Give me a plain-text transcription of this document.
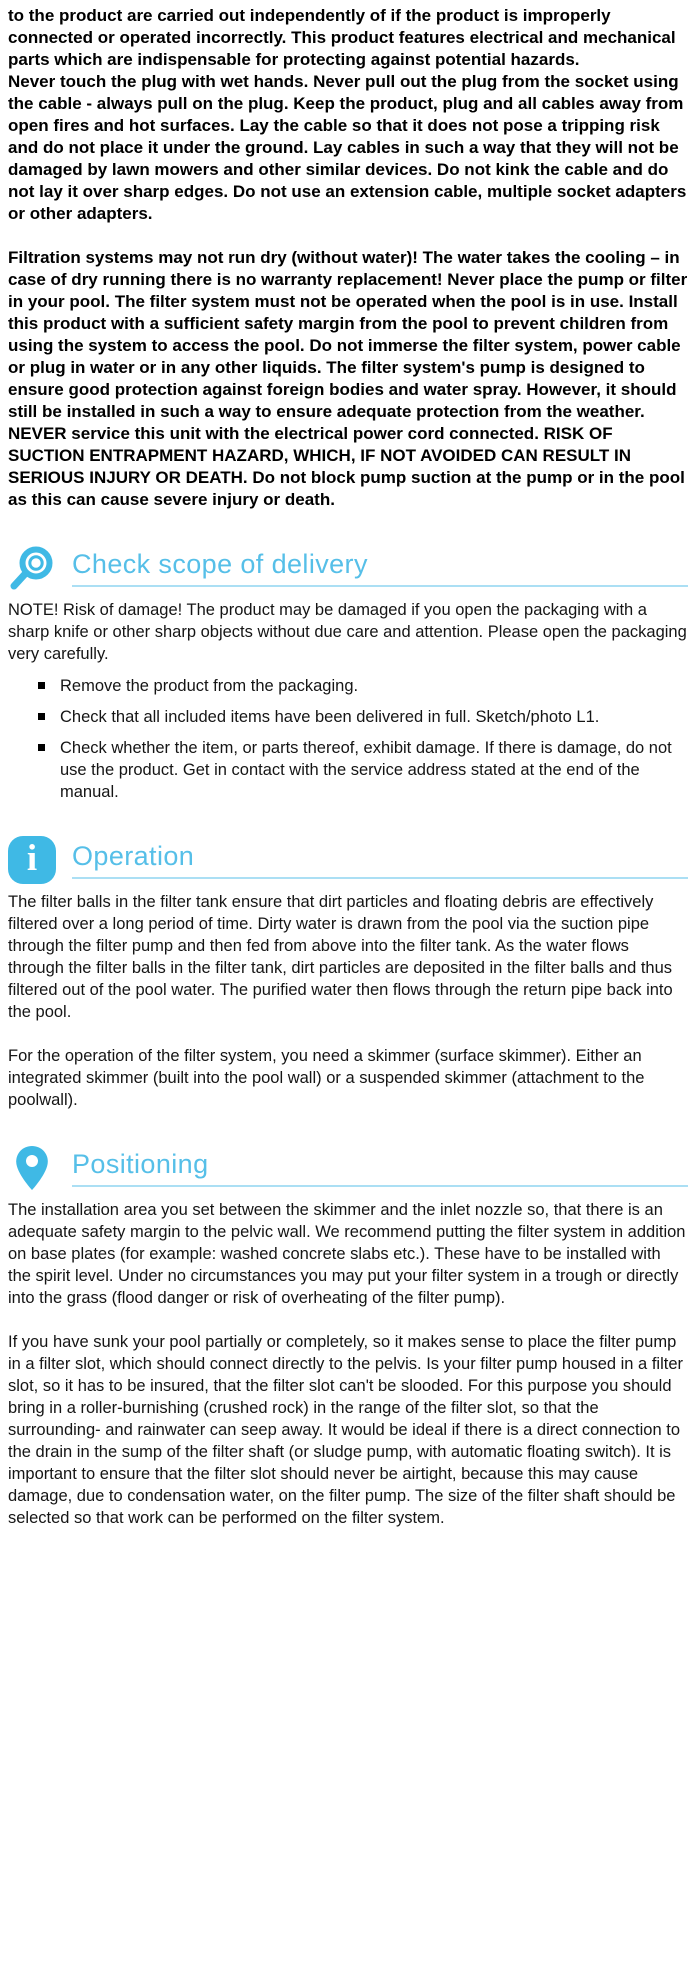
to the product are carried out independently of if the product is improperly connected or operated incorrectly. This product features electrical and mechanical parts which are indispensable for protecting against potential hazards.

Never touch the plug with wet hands. Never pull out the plug from the socket using the cable - always pull on the plug. Keep the product, plug and all cables away from open fires and hot surfaces. Lay the cable so that it does not pose a tripping risk and do not place it under the ground. Lay cables in such a way that they will not be damaged by lawn mowers and other similar devices. Do not kink the cable and do not lay it over sharp edges. Do not use an extension cable, multiple socket adapters or other adapters.

Filtration systems may not run dry (without water)! The water takes the cooling – in case of dry running there is no warranty replacement! Never place the pump or filter in your pool. The filter system must not be operated when the pool is in use. Install this product with a sufficient safety margin from the pool to prevent children from using the system to access the pool. Do not immerse the filter system, power cable or plug in water or in any other liquids. The filter system's pump is designed to ensure good protection against foreign bodies and water spray. However, it should still be installed in such a way to ensure adequate protection from the weather. NEVER service this unit with the electrical power cord connected. RISK OF SUCTION ENTRAPMENT HAZARD, WHICH, IF NOT AVOIDED CAN RESULT IN SERIOUS INJURY OR DEATH. Do not block pump suction at the pump or in the pool as this can cause severe injury or death.

Check scope of delivery

NOTE! Risk of damage! The product may be damaged if you open the packaging with a sharp knife or other sharp objects without due care and attention. Please open the packaging very carefully.

Remove the product from the packaging.
Check that all included items have been delivered in full. Sketch/photo L1.
Check whether the item, or parts thereof, exhibit damage. If there is damage, do not use the product. Get in contact with the service address stated at the end of the manual.
i Operation

The filter balls in the filter tank ensure that dirt particles and floating debris are effectively filtered over a long period of time. Dirty water is drawn from the pool via the suction pipe through the filter pump and then fed from above into the filter tank. As the water flows through the filter balls in the filter tank, dirt particles are deposited in the filter balls and thus filtered out of the pool water. The purified water then flows through the return pipe back into the pool.

For the operation of the filter system, you need a skimmer (surface skimmer). Either an integrated skimmer (built into the pool wall) or a suspended skimmer (attachment to the poolwall).

Positioning

The installation area you set between the skimmer and the inlet nozzle so, that there is an adequate safety margin to the pelvic wall. We recommend putting the filter system in addition on base plates (for example: washed concrete slabs etc.). These have to be installed with the spirit level. Under no circumstances you may put your filter system in a trough or directly into the grass (flood danger or risk of overheating of the filter pump).

If you have sunk your pool partially or completely, so it makes sense to place the filter pump in a filter slot, which should connect directly to the pelvis. Is your filter pump housed in a filter slot, so it has to be insured, that the filter slot can't be slooded. For this purpose you should bring in a roller-burnishing (crushed rock) in the range of the filter slot, so that the surrounding- and rainwater can seep away. It would be ideal if there is a direct connection to the drain in the sump of the filter shaft (or sludge pump, with automatic floating switch). It is important to ensure that the filter slot should never be airtight, because this may cause damage, due to condensation water, on the filter pump. The size of the filter shaft should be selected so that work can be performed on the filter system.
